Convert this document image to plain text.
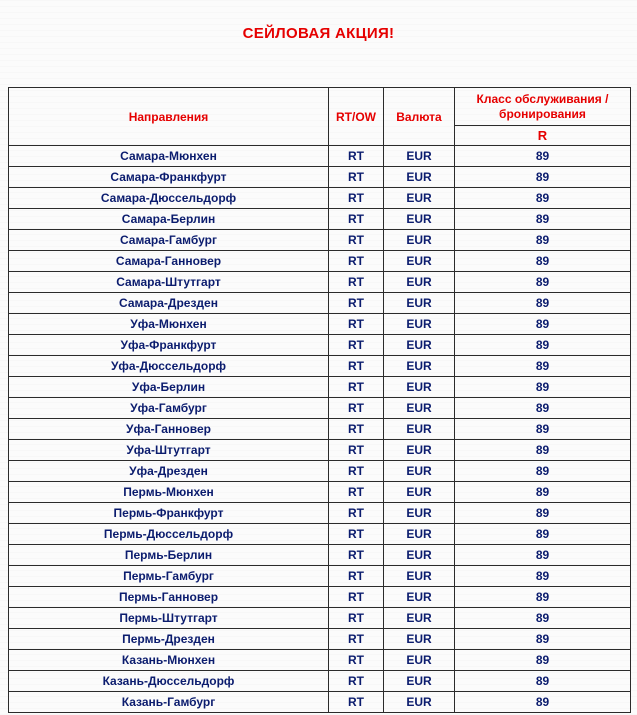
СЕЙЛОВАЯ АКЦИЯ!
Направления	RT/OW	Валюта	Класс обслуживания /
бронирования
			R
Самара-Мюнхен	RT	EUR	89
Самара-Франкфурт	RT	EUR	89
Самара-Дюссельдорф	RT	EUR	89
Самара-Берлин	RT	EUR	89
Самара-Гамбург	RT	EUR	89
Самара-Ганновер	RT	EUR	89
Самара-Штутгарт	RT	EUR	89
Самара-Дрезден	RT	EUR	89
Уфа-Мюнхен	RT	EUR	89
Уфа-Франкфурт	RT	EUR	89
Уфа-Дюссельдорф	RT	EUR	89
Уфа-Берлин	RT	EUR	89
Уфа-Гамбург	RT	EUR	89
Уфа-Ганновер	RT	EUR	89
Уфа-Штутгарт	RT	EUR	89
Уфа-Дрезден	RT	EUR	89
Пермь-Мюнхен	RT	EUR	89
Пермь-Франкфурт	RT	EUR	89
Пермь-Дюссельдорф	RT	EUR	89
Пермь-Берлин	RT	EUR	89
Пермь-Гамбург	RT	EUR	89
Пермь-Ганновер	RT	EUR	89
Пермь-Штутгарт	RT	EUR	89
Пермь-Дрезден	RT	EUR	89
Казань-Мюнхен	RT	EUR	89
Казань-Дюссельдорф	RT	EUR	89
Казань-Гамбург	RT	EUR	89
